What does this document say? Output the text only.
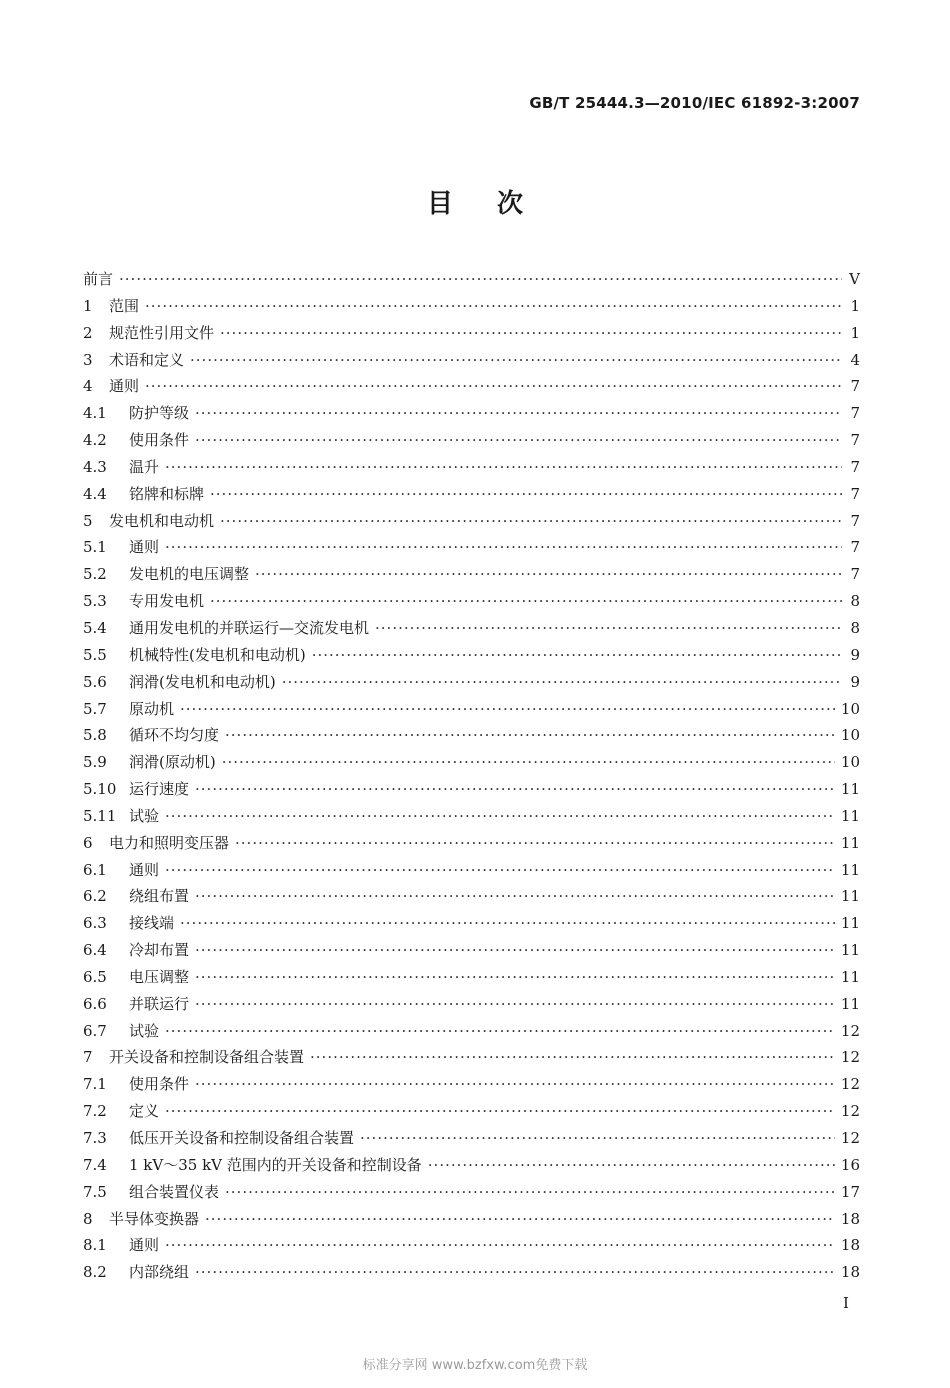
GB/T 25444.3—2010/IEC 61892-3:2007
目 次
前言 ·····	V
1	范围 ·····	1
2	规范性引用文件 ·····	1
3	术语和定义 ·····	4
4	通则 ·····	7
4.1	防护等级 ·····	7
4.2	使用条件 ·····	7
4.3	温升 ·····	7
4.4	铭牌和标牌 ·····	7
5	发电机和电动机 ·····	7
5.1	通则 ·····	7
5.2	发电机的电压调整 ·····	7
5.3	专用发电机 ·····	8
5.4	通用发电机的并联运行—交流发电机 ·····	8
5.5	机械特性(发电机和电动机) ·····	9
5.6	润滑(发电机和电动机) ·····	9
5.7	原动机 ·····	10
5.8	循环不均匀度 ·····	10
5.9	润滑(原动机) ·····	10
5.10 运行速度 ·····	11
5.11 试验 ·····	11
6	电力和照明变压器 ·····	11
6.1	通则 ·····	11
6.2	绕组布置 ·····	11
6.3	接线端 ·····	11
6.4	冷却布置 ·····	11
6.5	电压调整 ·····	11
6.6	并联运行 ·····	11
6.7	试验 ·····	12
7	开关设备和控制设备组合装置 ·····	12
7.1	使用条件 ·····	12
7.2	定义 ·····	12
7.3	低压开关设备和控制设备组合装置 ·····	12
7.4	1 kV～35 kV 范围内的开关设备和控制设备 ·····	16
7.5	组合装置仪表 ·····	17
8	半导体变换器 ·····	18
8.1	通则 ·····	18
8.2	内部绕组 ·····	18
I
标准分享网 www.bzfxw.com免费下载
